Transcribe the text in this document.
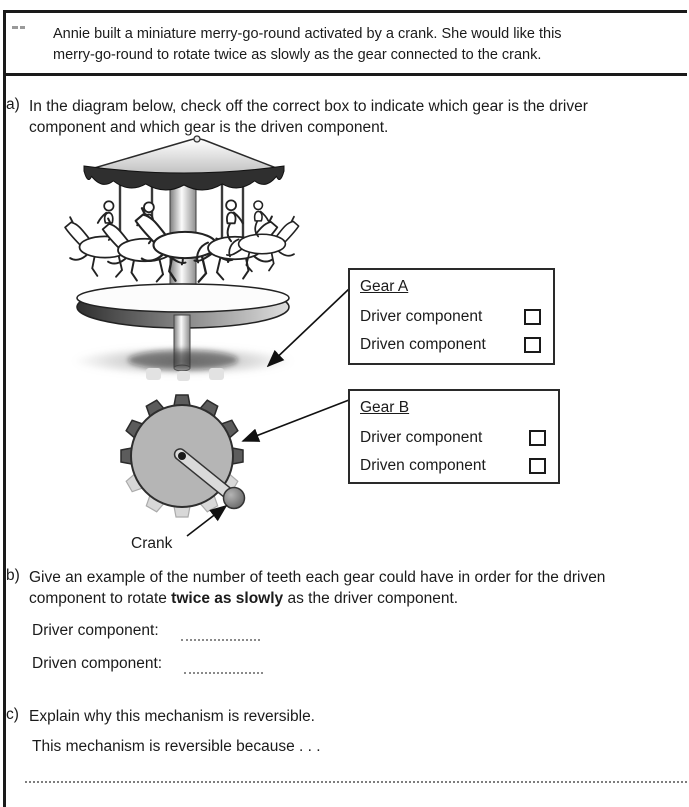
Annie built a miniature merry-go-round activated by a crank. She would like this
merry-go-round to rotate twice as slowly as the gear connected to the crank.
a) In the diagram below, check off the correct box to indicate which gear is the driver
component and which gear is the driven component.
Crank
Gear A
Driver component
Driven component
Gear B
Driver component
Driven component
b) Give an example of the number of teeth each gear could have in order for the driven
component to rotate twice as slowly as the driver component.
Driver component:
Driven component:
c) Explain why this mechanism is reversible.
This mechanism is reversible because . . .
